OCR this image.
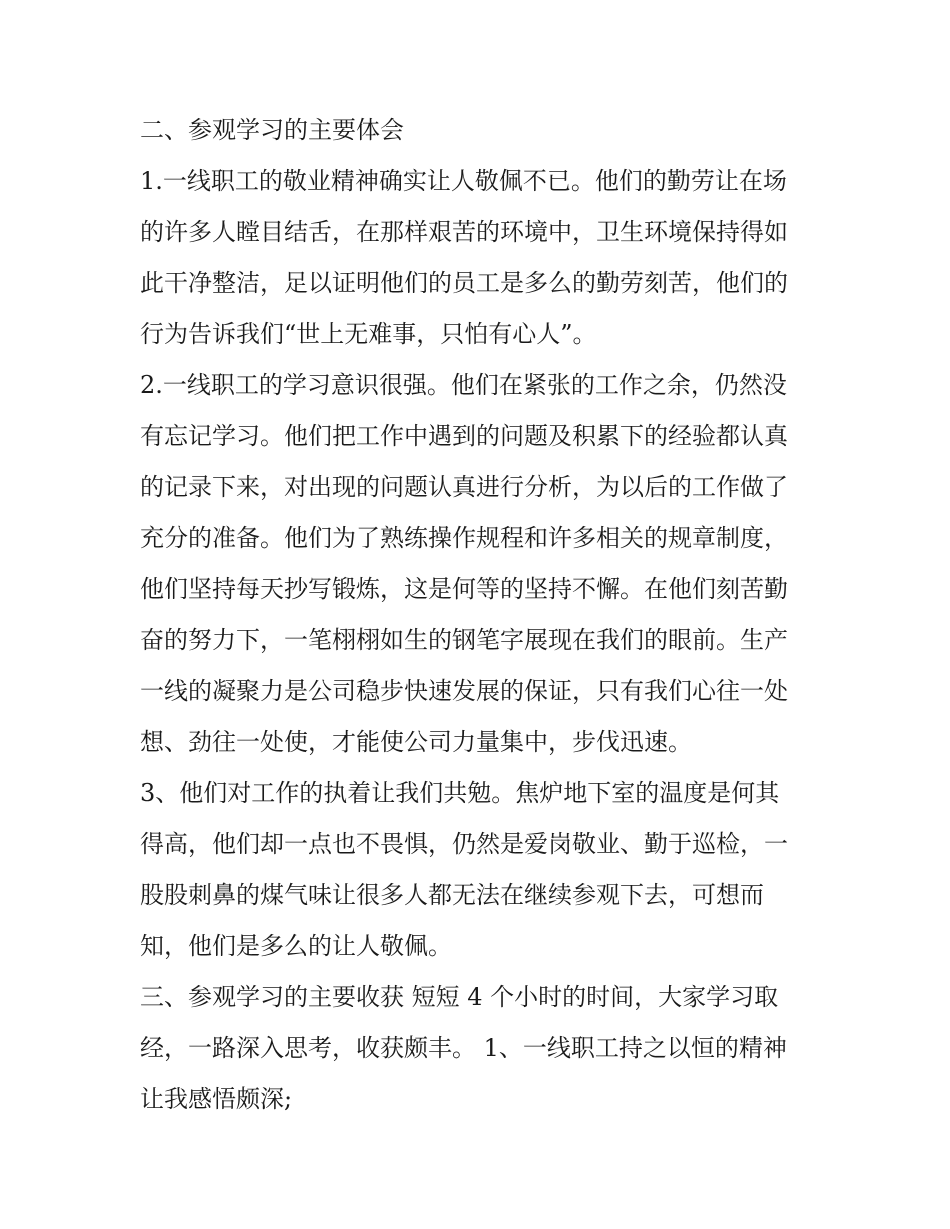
二、参观学习的主要体会
1.一线职工的敬业精神确实让人敬佩不已。他们的勤劳让在场
的许多人瞠目结舌，在那样艰苦的环境中，卫生环境保持得如
此干净整洁，足以证明他们的员工是多么的勤劳刻苦，他们的
行为告诉我们“世上无难事，只怕有心人”。
2.一线职工的学习意识很强。他们在紧张的工作之余，仍然没
有忘记学习。他们把工作中遇到的问题及积累下的经验都认真
的记录下来，对出现的问题认真进行分析，为以后的工作做了
充分的准备。他们为了熟练操作规程和许多相关的规章制度，
他们坚持每天抄写锻炼，这是何等的坚持不懈。在他们刻苦勤
奋的努力下，一笔栩栩如生的钢笔字展现在我们的眼前。生产
一线的凝聚力是公司稳步快速发展的保证，只有我们心往一处
想、劲往一处使，才能使公司力量集中，步伐迅速。
3、他们对工作的执着让我们共勉。焦炉地下室的温度是何其
得高，他们却一点也不畏惧，仍然是爱岗敬业、勤于巡检，一
股股刺鼻的煤气味让很多人都无法在继续参观下去，可想而
知，他们是多么的让人敬佩。
三、参观学习的主要收获 短短 4 个小时的时间，大家学习取
经，一路深入思考，收获颇丰。 1、一线职工持之以恒的精神
让我感悟颇深;
